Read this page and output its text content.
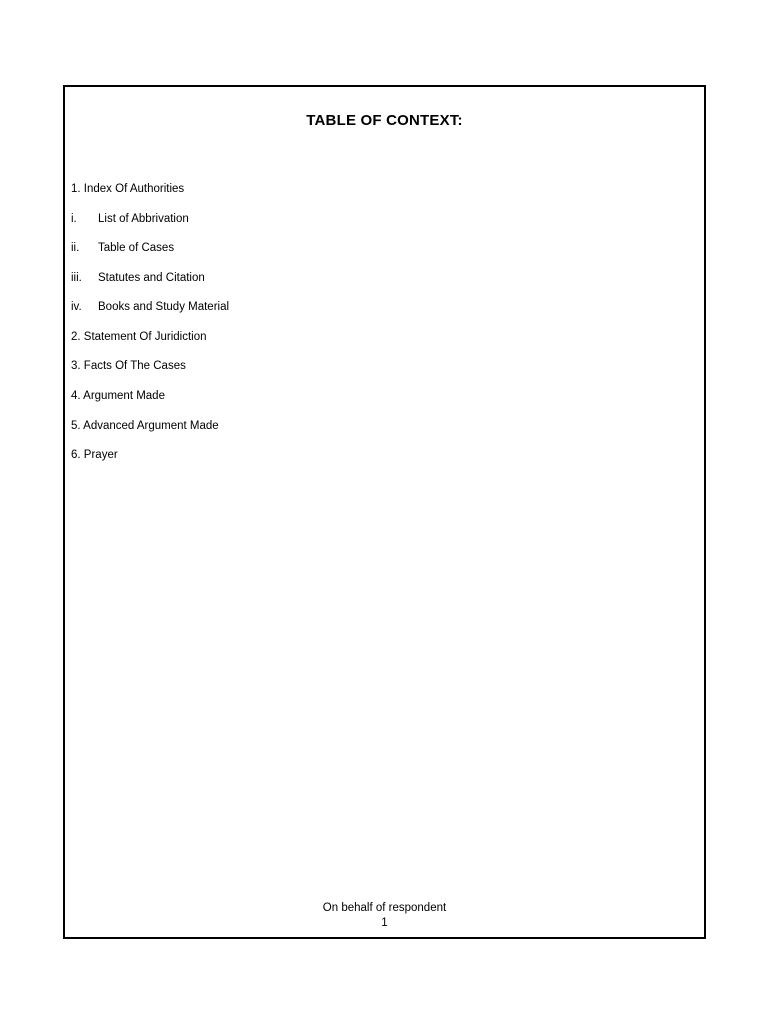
TABLE OF CONTEXT:
1. Index Of Authorities
i. List of Abbrivation
ii. Table of Cases
iii. Statutes and Citation
iv. Books and Study Material
2. Statement Of Juridiction
3. Facts Of The Cases
4. Argument Made
5. Advanced Argument Made
6. Prayer
On behalf of respondent
1
